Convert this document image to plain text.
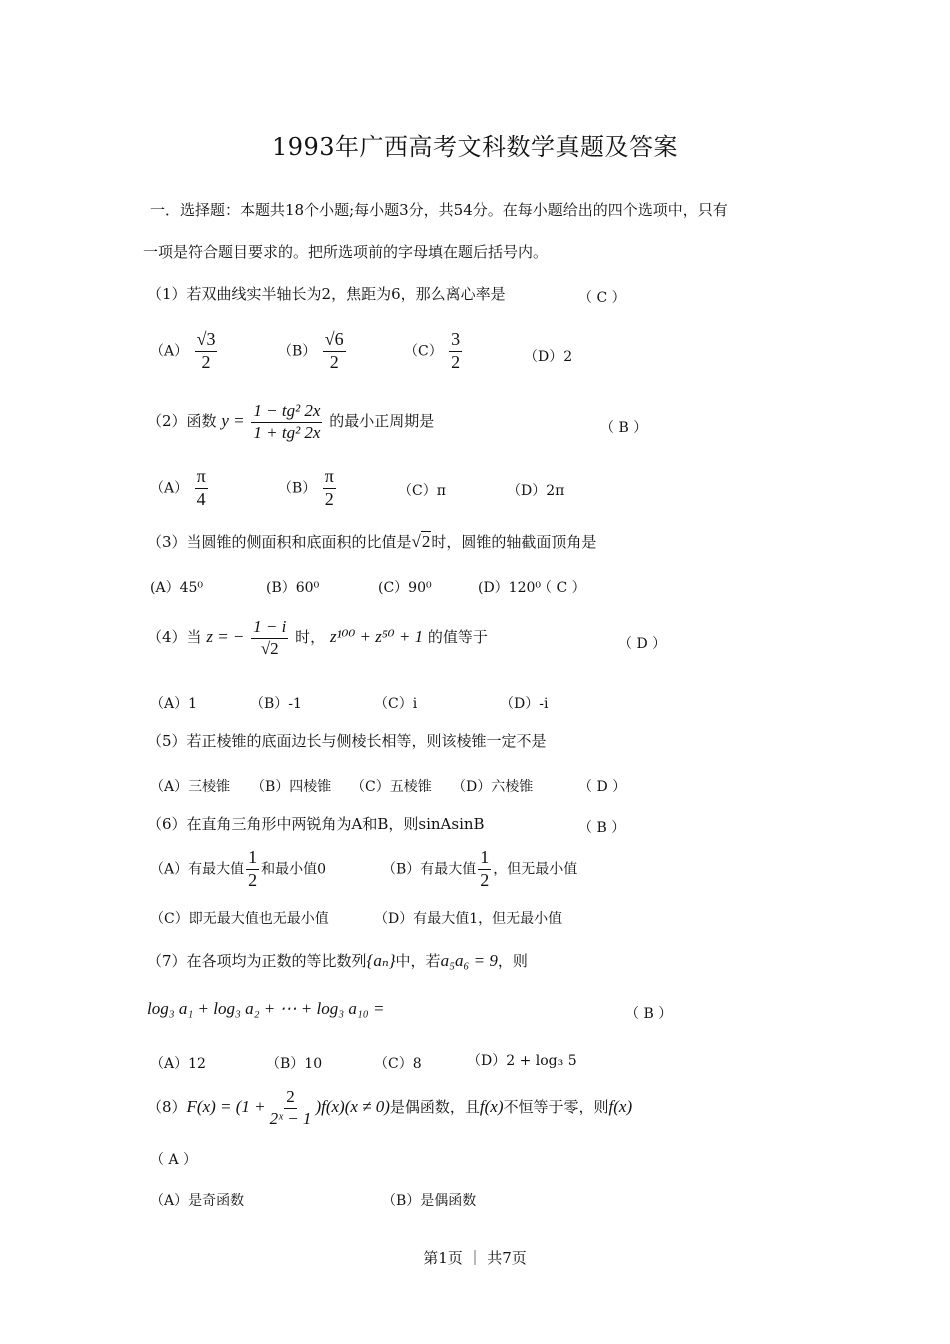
1993年广西高考文科数学真题及答案
一．选择题：本题共18个小题;每小题3分，共54分。在每小题给出的四个选项中，只有
一项是符合题目要求的。把所选项前的字母填在题后括号内。
（1）若双曲线实半轴长为2，焦距为6，那么离心率是	（ C ）
$(A) \frac{√3}{2}$	$(B) \frac{√6}{2}$	$(C) \frac{3}{2}$	（D）2
（2）函数 $y = \frac{\text{1 − tg² 2x}}{\text{1 + tg² 2x}}$ 的最小正周期是	（ B ）
$(A) \frac{\pi}{4}$	$(B) \frac{\pi}{2}$	（C）π	（D）2π
（3）当圆锥的侧面积和底面积的比值是√2时，圆锥的轴截面顶角是
(A）45⁰	(B）60⁰	(C）90⁰	(D）120⁰
（ C ）
（4）当 z = − $\frac{1 - i}{√2}$ 时， z¹⁰⁰ + z⁵⁰ + 1 的值等于	（ D ）
（A）1	（B）-1	（C）i	（D）-i
（5）若正棱锥的底面边长与侧棱长相等，则该棱锥一定不是
（A）三棱锥 （B）四棱锥 （C）五棱锥 （D）六棱锥	（ D ）
（6）在直角三角形中两锐角为A和B，则sinAsinB	（ B ）
（A）有最大值 $\frac{1}{2}$ 和最小值0	（B）有最大值 $\frac{1}{2}$ ，但无最小值
（C）即无最大值也无最小值	（D）有最大值1，但无最小值
（7）在各项均为正数的等比数列{aₙ}中，若a₅a₆ = 9，则
log₃ a₁ + log₃ a₂ + ⋯ + log₃ a₁₀ =	（ B ）
（A）12	（B）10	（C）8	（D）2 + log₃ 5
$(8)F(x) = (1 + \frac{2}{\text{2ˣ − 1}} )f(x)(x \ne 0)$是偶函数，且f(x)不恒等于零，则f(x)
（ A ）
（A）是奇函数	（B）是偶函数
第1页 ｜ 共7页
